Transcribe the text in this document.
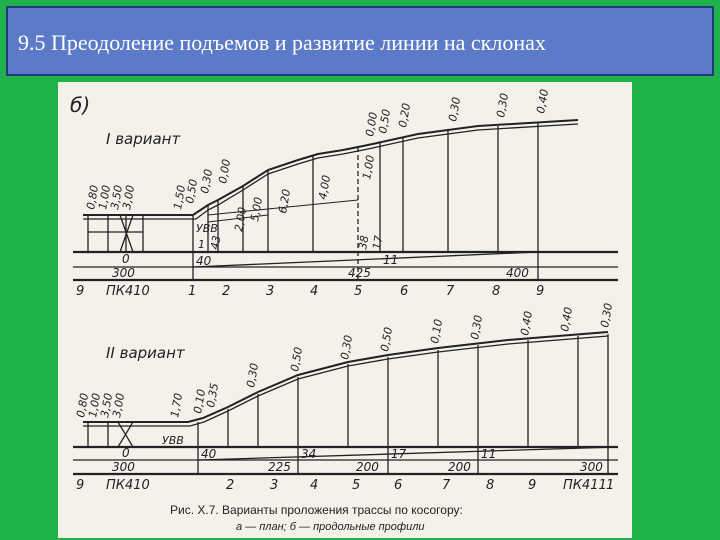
9.5 Преодоление подъемов и развитие линии на склонах
б)
I вариант
II вариант
0,80
1,00
3,50
3,00	1,50
0,50
0,30 0,00
0,00
0,50 0,20	0,30	0,30 0,40
2,00
5,00 6,20
4,00
1,00
УВВ
1 43	38
17
0
300
40
425
11
400
9 ПК410	1 2	3	4	5	6	7	8	9
0,80
1,00
3,50
3,00	1,70 0,10
0,35
0,30
0,50	0,30 0,50	0,10 0,30	0,40 0,40 0,30
УВВ
0
300
40
225
34
200
17
200
11
300
9 ПК410	2	3 4	5	6	7	8	9 ПК411 1
Рис. X.7. Варианты проложения трассы по косогору:
а — план; б — продольные профили
